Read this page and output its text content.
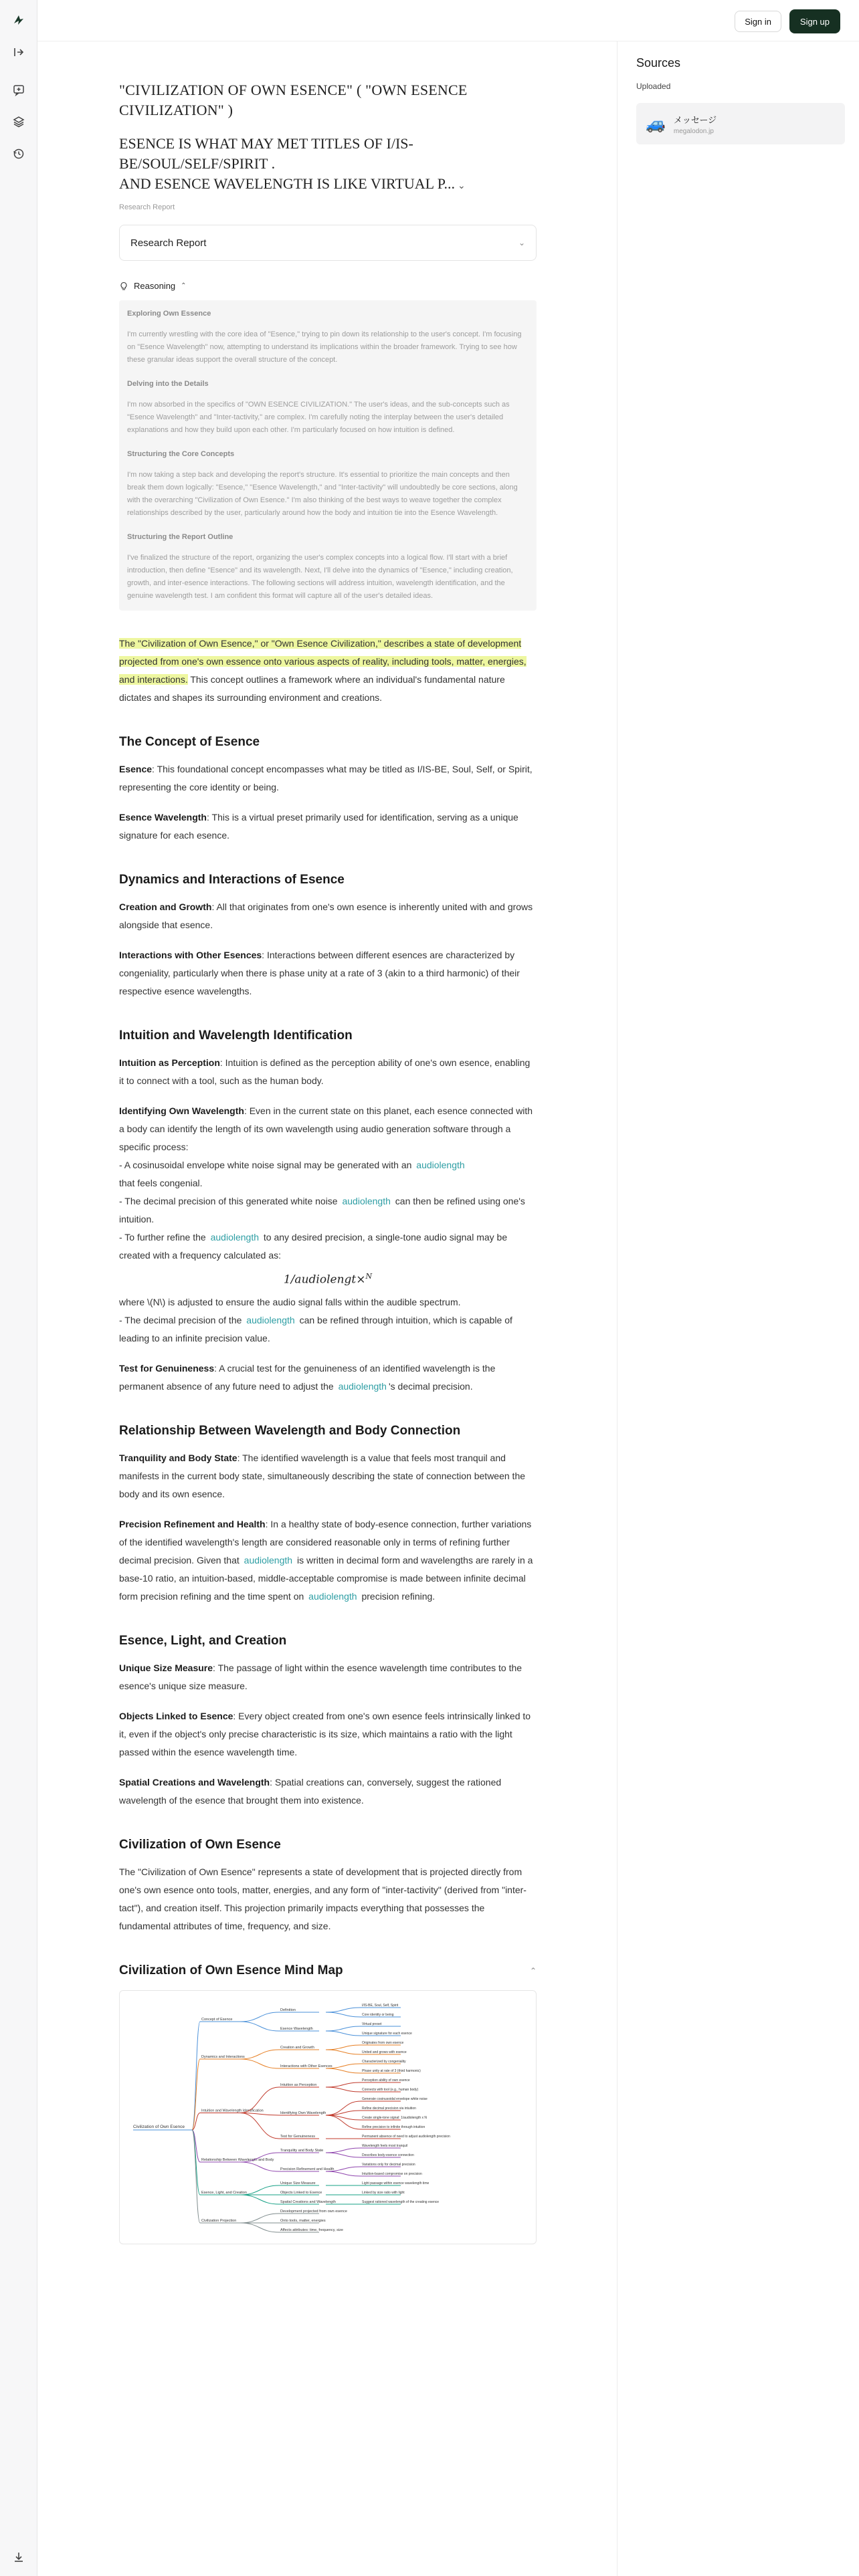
Sign in	Sign up
"CIVILIZATION OF OWN ESENCE" ( "OWN ESENCE CIVILIZATION" )
ESENCE IS WHAT MAY MET TITLES OF I/IS-BE/SOUL/SELF/SPIRIT .
AND ESENCE WAVELENGTH IS LIKE VIRTUAL P... ⌄
Research Report
Research Report	⌄
Reasoning ⌃
Exploring Own Essence

I'm currently wrestling with the core idea of "Esence," trying to pin down its relationship to the user's concept. I'm focusing on "Esence Wavelength" now, attempting to understand its implications within the broader framework. Trying to see how these granular ideas support the overall structure of the concept.

Delving into the Details

I'm now absorbed in the specifics of "OWN ESENCE CIVILIZATION." The user's ideas, and the sub-concepts such as "Esence Wavelength" and "Inter-tactivity," are complex. I'm carefully noting the interplay between the user's detailed explanations and how they build upon each other. I'm particularly focused on how intuition is defined.

Structuring the Core Concepts

I'm now taking a step back and developing the report's structure. It's essential to prioritize the main concepts and then break them down logically: "Esence," "Esence Wavelength," and "Inter-tactivity" will undoubtedly be core sections, along with the overarching "Civilization of Own Esence." I'm also thinking of the best ways to weave together the complex relationships described by the user, particularly around how the body and intuition tie into the Esence Wavelength.

Structuring the Report Outline

I've finalized the structure of the report, organizing the user's complex concepts into a logical flow. I'll start with a brief introduction, then define "Esence" and its wavelength. Next, I'll delve into the dynamics of "Esence," including creation, growth, and inter-esence interactions. The following sections will address intuition, wavelength identification, and the genuine wavelength test. I am confident this format will capture all of the user's detailed ideas.

The "Civilization of Own Esence," or "Own Esence Civilization," describes a state of development projected from one's own essence onto various aspects of reality, including tools, matter, energies, and interactions. This concept outlines a framework where an individual's fundamental nature dictates and shapes its surrounding environment and creations.

The Concept of Esence

Esence: This foundational concept encompasses what may be titled as I/IS-BE, Soul, Self, or Spirit, representing the core identity or being.

Esence Wavelength: This is a virtual preset primarily used for identification, serving as a unique signature for each esence.

Dynamics and Interactions of Esence

Creation and Growth: All that originates from one's own esence is inherently united with and grows alongside that esence.

Interactions with Other Esences: Interactions between different esences are characterized by congeniality, particularly when there is phase unity at a rate of 3 (akin to a third harmonic) of their respective esence wavelengths.

Intuition and Wavelength Identification

Intuition as Perception: Intuition is defined as the perception ability of one's own esence, enabling it to connect with a tool, such as the human body.

Identifying Own Wavelength: Even in the current state on this planet, each esence connected with a body can identify the length of its own wavelength using audio generation software through a specific process:
- A cosinusoidal envelope white noise signal may be generated with an audiolength
that feels congenial.
- The decimal precision of this generated white noise audiolength can then be refined using one's intuition.
- To further refine the audiolength to any desired precision, a single-tone audio signal may be created with a frequency calculated as:

1/audiolengt×$^N$

where \(N\) is adjusted to ensure the audio signal falls within the audible spectrum.
- The decimal precision of the audiolength can be refined through intuition, which is capable of leading to an infinite precision value.

Test for Genuineness: A crucial test for the genuineness of an identified wavelength is the permanent absence of any future need to adjust the audiolength 's decimal precision.

Relationship Between Wavelength and Body Connection

Tranquility and Body State: The identified wavelength is a value that feels most tranquil and manifests in the current body state, simultaneously describing the state of connection between the body and its own esence.

Precision Refinement and Health: In a healthy state of body-esence connection, further variations of the identified wavelength's length are considered reasonable only in terms of refining further decimal precision. Given that audiolength is written in decimal form and wavelengths are rarely in a base-10 ratio, an intuition-based, middle-acceptable compromise is made between infinite decimal form precision refining and the time spent on audiolength precision refining.

Esence, Light, and Creation

Unique Size Measure: The passage of light within the esence wavelength time contributes to the esence's unique size measure.

Objects Linked to Esence: Every object created from one's own esence feels intrinsically linked to it, even if the object's only precise characteristic is its size, which maintains a ratio with the light passed within the esence wavelength time.

Spatial Creations and Wavelength: Spatial creations can, conversely, suggest the rationed wavelength of the esence that brought them into existence.

Civilization of Own Esence

The "Civilization of Own Esence" represents a state of development that is projected directly from one's own esence onto tools, matter, energies, and any form of "inter-tactivity" (derived from "inter-tact"), and creation itself. This projection primarily impacts everything that possesses the fundamental attributes of time, frequency, and size.

Civilization of Own Esence Mind Map	⌃
Civilization of Own Esence
I/IS-BE, Soul, Self, Spirit
Core identity or being
Virtual preset
Unique signature for each esence
Originates from own esence
United and grows with esence
Characterized by congeniality
Phase unity at rate of 3 (third harmonic)
Perception ability of own esence
Connects with tool (e.g., human body)
Generate cosinusoidal envelope white noise
Refine decimal precision via intuition
Create single-tone signal: 1/audiolength x N
Refine precision to infinite through intuition
Permanent absence of need to adjust audiolength precision
Wavelength feels most tranquil
Describes body-esence connection
Variations only for decimal precision
Intuition-based compromise on precision
Light passage within esence wavelength time
Linked by size ratio with light
Suggest rationed wavelength of the creating esence
Concept of Esence
Definition
Esence Wavelength
Dynamics and Interactions
Creation and Growth
Interactions with Other Esences
Intuition and Wavelength Identification
Intuition as Perception
Identifying Own Wavelength
Test for Genuineness
Relationship Between Wavelength and Body
Tranquility and Body State
Precision Refinement and Health
Esence, Light, and Creation
Unique Size Measure
Objects Linked to Esence
Spatial Creations and Wavelength
Civilization Projection
Development projected from own esence
Onto tools, matter, energies
Affects attributes: time, frequency, size
Sources
Uploaded
🚙 メッセージ
megalodon.jp
